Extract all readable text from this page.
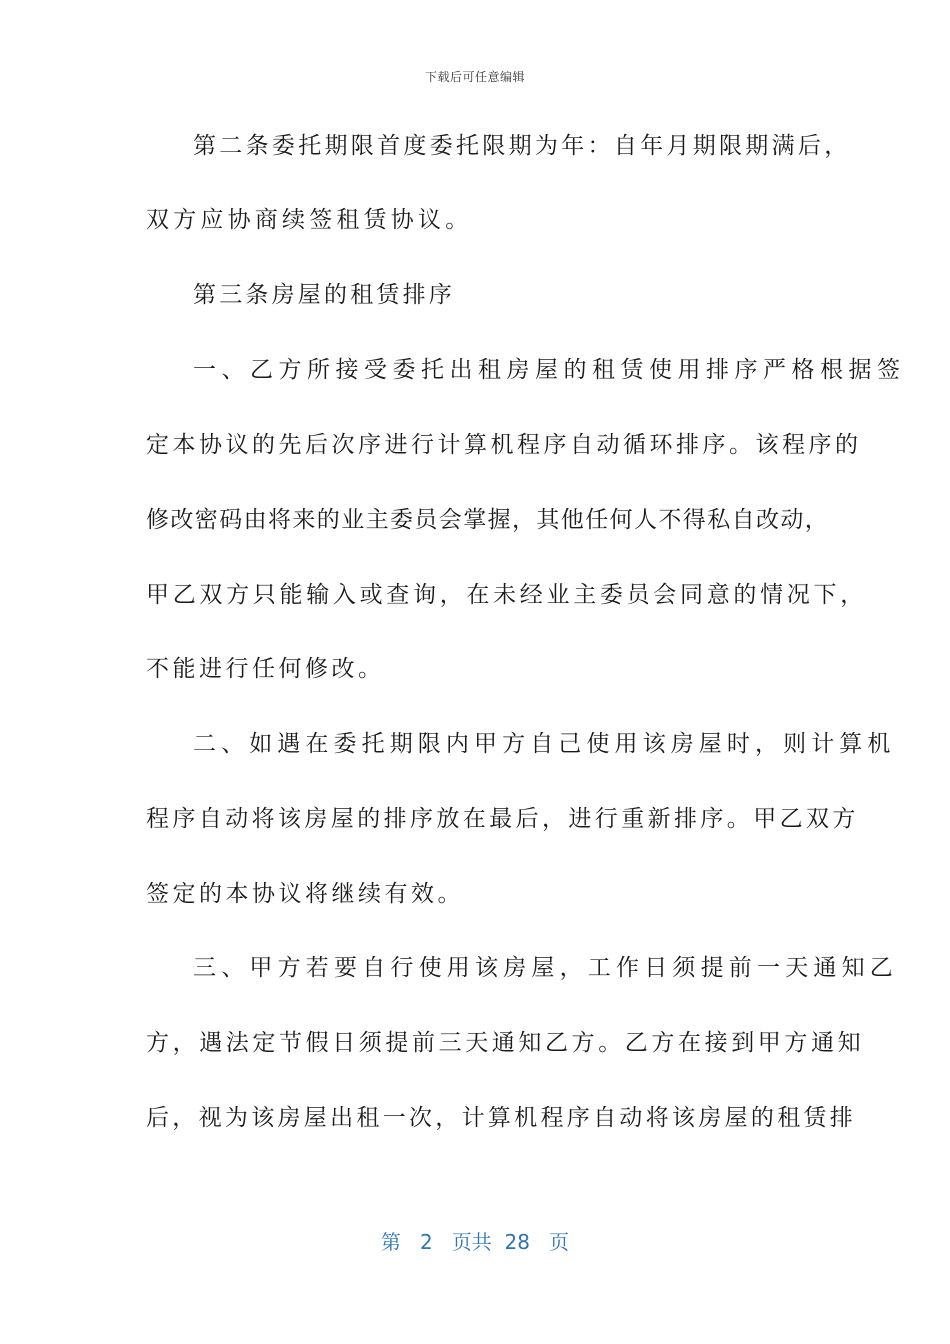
下载后可任意编辑
第二条委托期限首度委托限期为年：自年月期限期满后，
双方应协商续签租赁协议。
第三条房屋的租赁排序
一、乙方所接受委托出租房屋的租赁使用排序严格根据签
定本协议的先后次序进行计算机程序自动循环排序。该程序的
修改密码由将来的业主委员会掌握，其他任何人不得私自改动，
甲乙双方只能输入或查询，在未经业主委员会同意的情况下，
不能进行任何修改。
二、如遇在委托期限内甲方自己使用该房屋时，则计算机
程序自动将该房屋的排序放在最后，进行重新排序。甲乙双方
签定的本协议将继续有效。
三、甲方若要自行使用该房屋，工作日须提前一天通知乙
方，遇法定节假日须提前三天通知乙方。乙方在接到甲方通知
后，视为该房屋出租一次，计算机程序自动将该房屋的租赁排
第 2 页共 28 页
